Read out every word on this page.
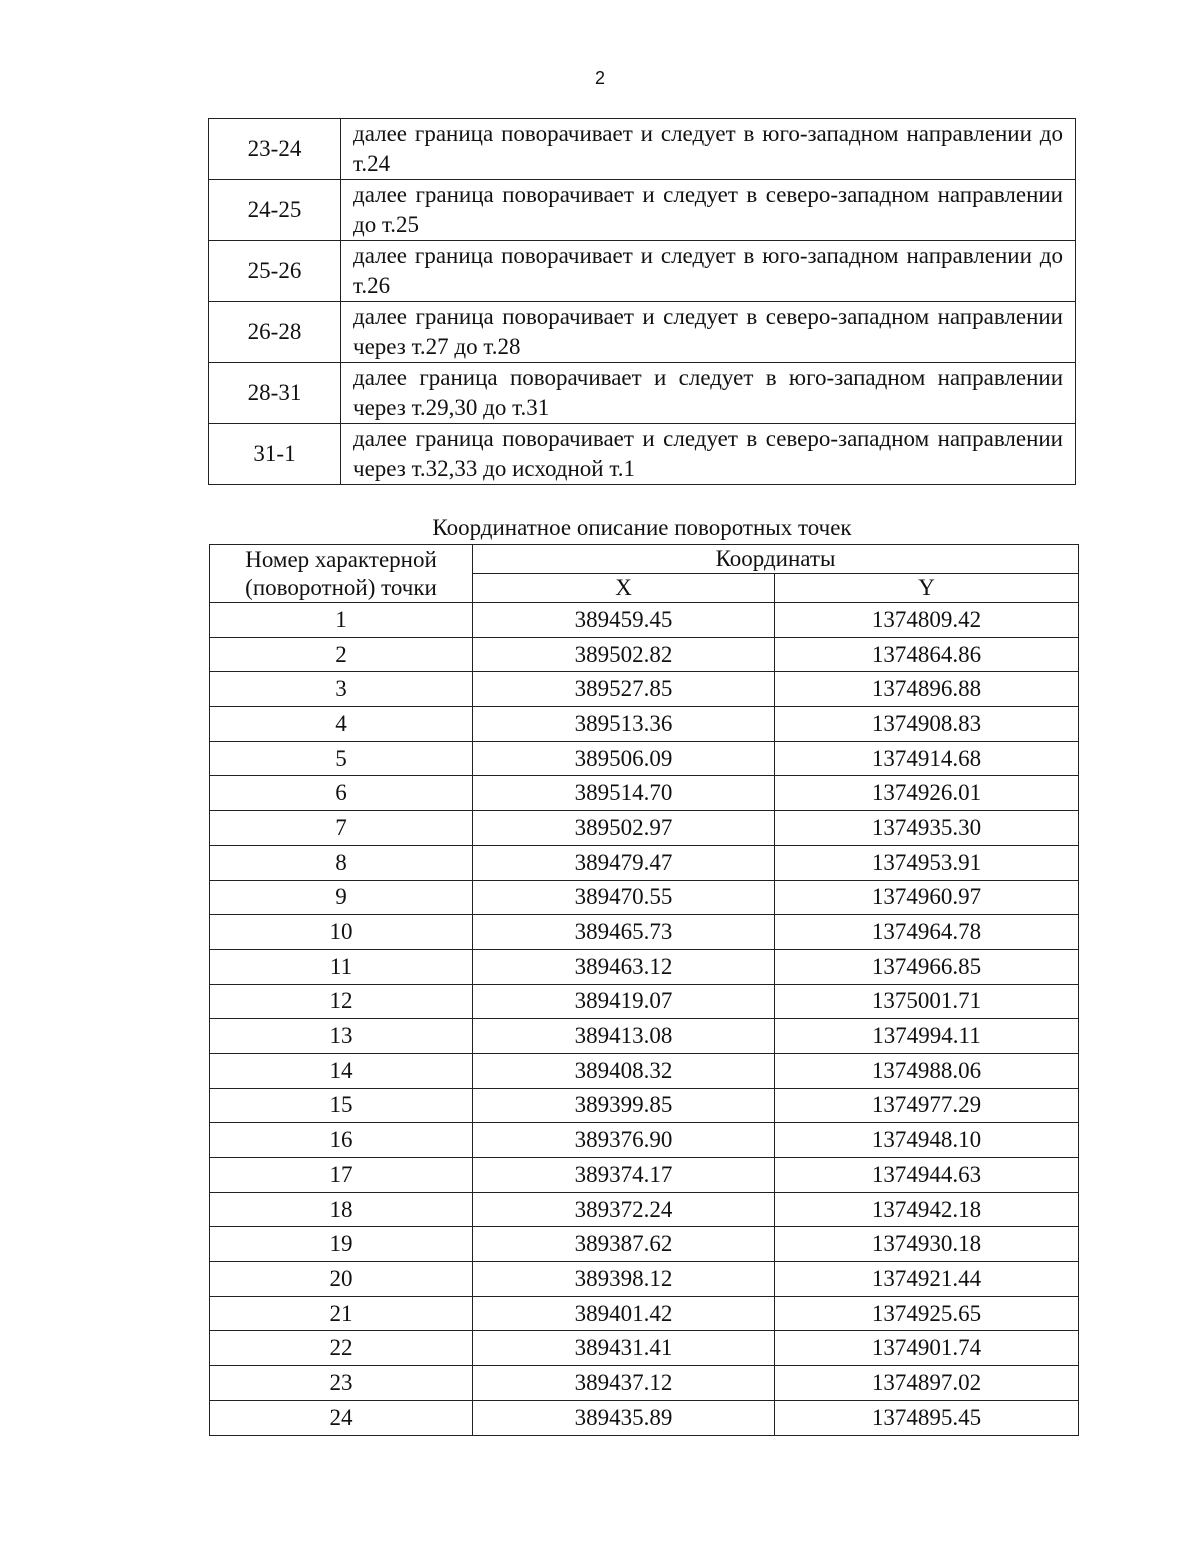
2
23-24	далее граница поворачивает и следует в юго-западном направлении до т.24
24-25	далее граница поворачивает и следует в северо-западном направлении до т.25
25-26	далее граница поворачивает и следует в юго-западном направлении до т.26
26-28	далее граница поворачивает и следует в северо-западном направлении через т.27 до т.28
28-31	далее граница поворачивает и следует в юго-западном направлении через т.29,30 до т.31
31-1	далее граница поворачивает и следует в северо-западном направлении через т.32,33 до исходной т.1
Координатное описание поворотных точек
Номер характерной
(поворотной) точки	Координаты	
	X	Y
1	389459.45	1374809.42
2	389502.82	1374864.86
3	389527.85	1374896.88
4	389513.36	1374908.83
5	389506.09	1374914.68
6	389514.70	1374926.01
7	389502.97	1374935.30
8	389479.47	1374953.91
9	389470.55	1374960.97
10	389465.73	1374964.78
11	389463.12	1374966.85
12	389419.07	1375001.71
13	389413.08	1374994.11
14	389408.32	1374988.06
15	389399.85	1374977.29
16	389376.90	1374948.10
17	389374.17	1374944.63
18	389372.24	1374942.18
19	389387.62	1374930.18
20	389398.12	1374921.44
21	389401.42	1374925.65
22	389431.41	1374901.74
23	389437.12	1374897.02
24	389435.89	1374895.45
